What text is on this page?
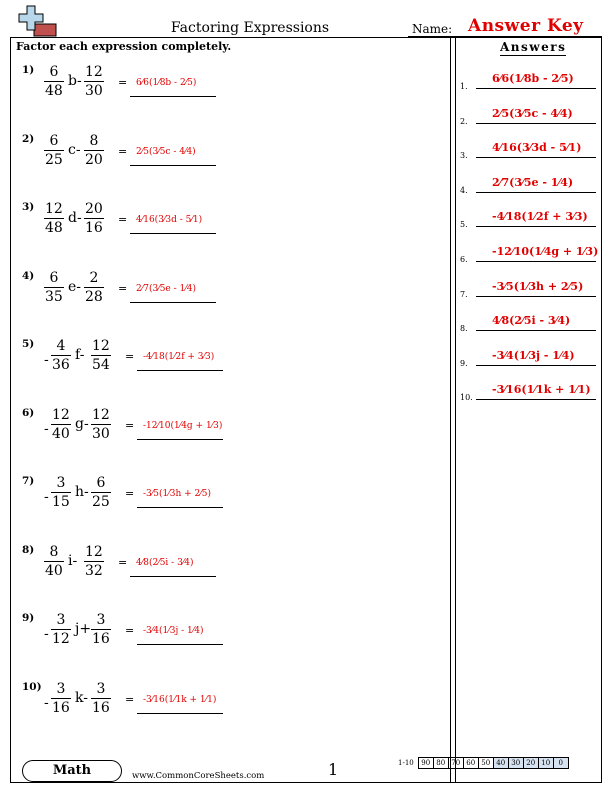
Factoring Expressions	Name: Answer Key
Factor each expression completely.
$1) \frac{6}{48} b- \frac{12}{30}$ = 6⁄6(1⁄8b - 2⁄5)
$2) \frac{6}{25} c- \frac{8}{20}$ = 2⁄5(3⁄5c - 4⁄4)
$3) \frac{12}{48} d- \frac{20}{16}$ = 4⁄16(3⁄3d - 5⁄1)
$4) \frac{6}{35} e- \frac{2}{28}$ = 2⁄7(3⁄5e - 1⁄4)
5)
- $\frac{4}{36} f- \frac{12}{54}$ = -4⁄18(1⁄2f + 3⁄3)
6)
- $\frac{12}{40} g- \frac{12}{30}$ = -12⁄10(1⁄4g + 1⁄3)
7)
- $\frac{3}{15} h- \frac{6}{25}$ = -3⁄5(1⁄3h + 2⁄5)
$8) \frac{8}{40} i- \frac{12}{32}$ = 4⁄8(2⁄5i - 3⁄4)
9)
- $\frac{3}{12} j+ \frac{3}{16}$ = -3⁄4(1⁄3j - 1⁄4)
10)
- $\frac{3}{16} k- \frac{3}{16}$ = -3⁄16(1⁄1k + 1⁄1)
Answers
1.
6⁄6(1⁄8b - 2⁄5)
2.
2⁄5(3⁄5c - 4⁄4)
3.
4⁄16(3⁄3d - 5⁄1)
4.
2⁄7(3⁄5e - 1⁄4)
5.
-4⁄18(1⁄2f + 3⁄3)
6.
-12⁄10(1⁄4g + 1⁄3)
7.
-3⁄5(1⁄3h + 2⁄5)
8.
4⁄8(2⁄5i - 3⁄4)
9.
-3⁄4(1⁄3j - 1⁄4)
10.
-3⁄16(1⁄1k + 1⁄1)
Math	www.CommonCoreSheets.com	1	1-10	90	80	70	60	50	40	30	20	10	0
